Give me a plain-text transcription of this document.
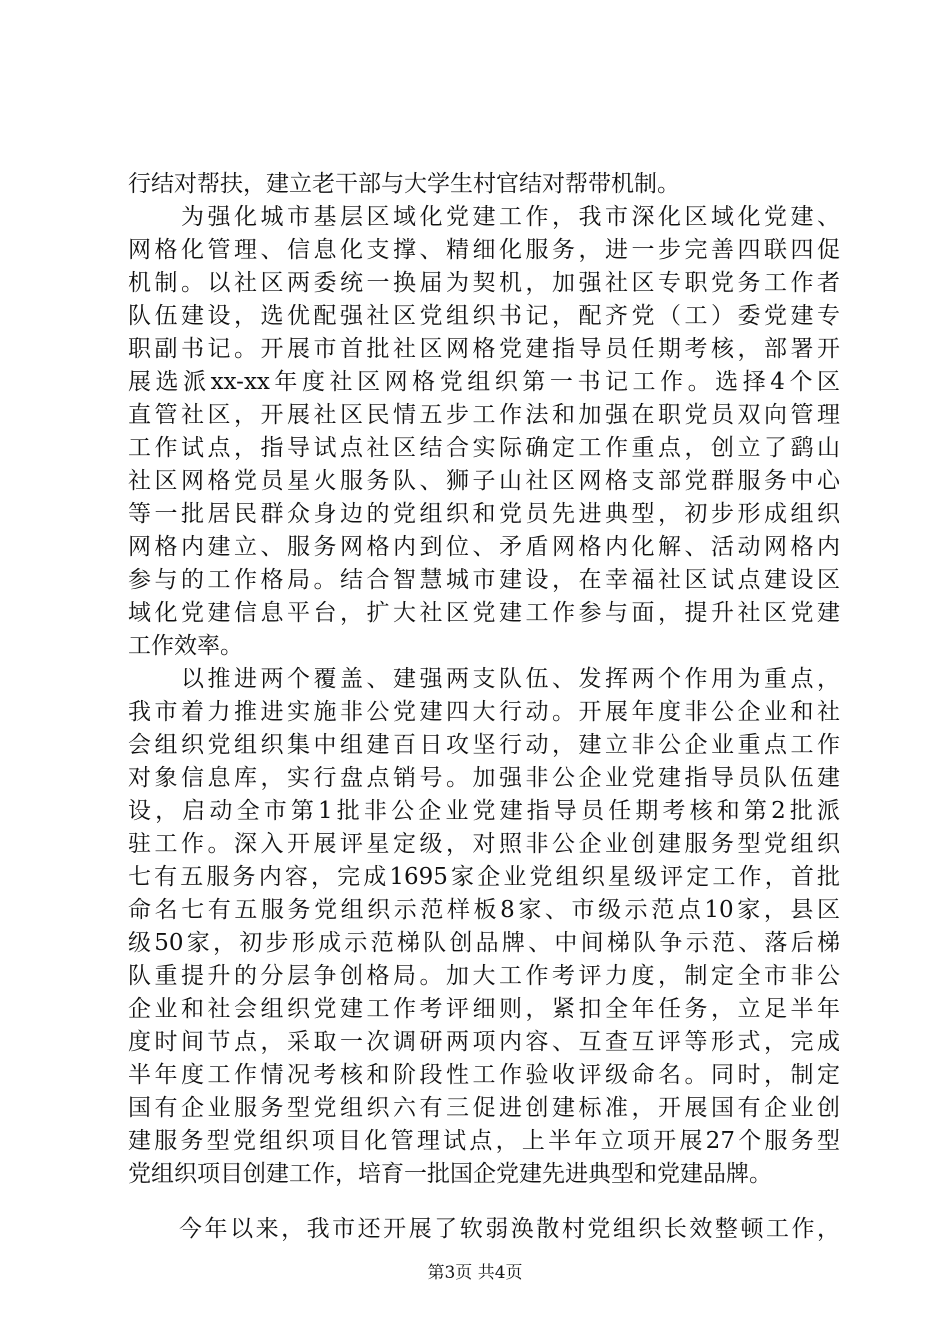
行结对帮扶，建立老干部与大学生村官结对帮带机制。
　　为强化城市基层区域化党建工作，我市深化区域化党建、
网格化管理、信息化支撑、精细化服务，进一步完善四联四促
机制。以社区两委统一换届为契机，加强社区专职党务工作者
队伍建设，选优配强社区党组织书记，配齐党（工）委党建专
职副书记。开展市首批社区网格党建指导员任期考核，部署开
展选派xx-xx年度社区网格党组织第一书记工作。选择4个区
直管社区，开展社区民情五步工作法和加强在职党员双向管理
工作试点，指导试点社区结合实际确定工作重点，创立了鹞山
社区网格党员星火服务队、狮子山社区网格支部党群服务中心
等一批居民群众身边的党组织和党员先进典型，初步形成组织
网格内建立、服务网格内到位、矛盾网格内化解、活动网格内
参与的工作格局。结合智慧城市建设，在幸福社区试点建设区
域化党建信息平台，扩大社区党建工作参与面，提升社区党建
工作效率。
　　以推进两个覆盖、建强两支队伍、发挥两个作用为重点，
我市着力推进实施非公党建四大行动。开展年度非公企业和社
会组织党组织集中组建百日攻坚行动，建立非公企业重点工作
对象信息库，实行盘点销号。加强非公企业党建指导员队伍建
设，启动全市第1批非公企业党建指导员任期考核和第2批派
驻工作。深入开展评星定级，对照非公企业创建服务型党组织
七有五服务内容，完成1695家企业党组织星级评定工作，首批
命名七有五服务党组织示范样板8家、市级示范点10家，县区
级50家，初步形成示范梯队创品牌、中间梯队争示范、落后梯
队重提升的分层争创格局。加大工作考评力度，制定全市非公
企业和社会组织党建工作考评细则，紧扣全年任务，立足半年
度时间节点，采取一次调研两项内容、互查互评等形式，完成
半年度工作情况考核和阶段性工作验收评级命名。同时，制定
国有企业服务型党组织六有三促进创建标准，开展国有企业创
建服务型党组织项目化管理试点，上半年立项开展27个服务型
党组织项目创建工作，培育一批国企党建先进典型和党建品牌。
　　今年以来，我市还开展了软弱涣散村党组织长效整顿工作，
第3页 共4页
